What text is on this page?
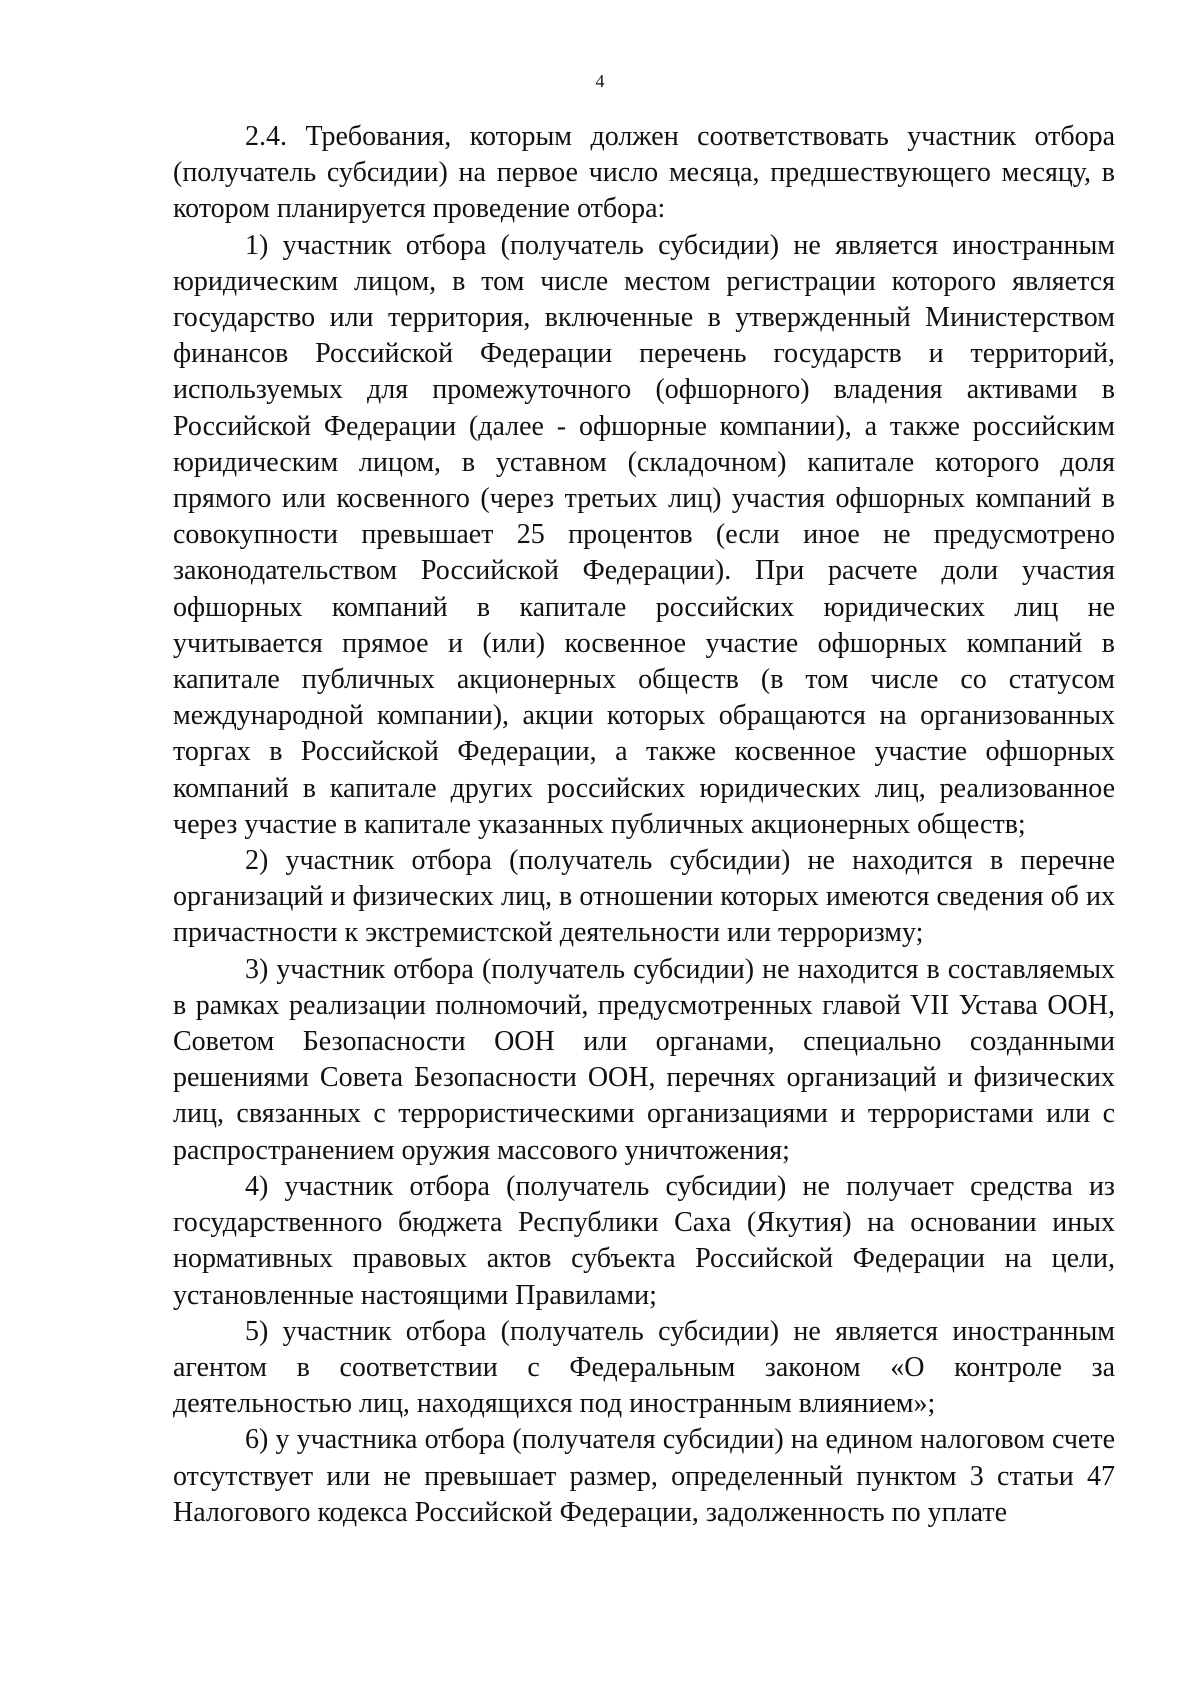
4

2.4. Требования, которым должен соответствовать участник отбора (получатель субсидии) на первое число месяца, предшествующего месяцу, в котором планируется проведение отбора:

1) участник отбора (получатель субсидии) не является иностранным юридическим лицом, в том числе местом регистрации которого является государство или территория, включенные в утвержденный Министерством финансов Российской Федерации перечень государств и территорий, используемых для промежуточного (офшорного) владения активами в Российской Федерации (далее - офшорные компании), а также российским юридическим лицом, в уставном (складочном) капитале которого доля прямого или косвенного (через третьих лиц) участия офшорных компаний в совокупности превышает 25 процентов (если иное не предусмотрено законодательством Российской Федерации). При расчете доли участия офшорных компаний в капитале российских юридических лиц не учитывается прямое и (или) косвенное участие офшорных компаний в капитале публичных акционерных обществ (в том числе со статусом международной компании), акции которых обращаются на организованных торгах в Российской Федерации, а также косвенное участие офшорных компаний в капитале других российских юридических лиц, реализованное через участие в капитале указанных публичных акционерных обществ;

2) участник отбора (получатель субсидии) не находится в перечне организаций и физических лиц, в отношении которых имеются сведения об их причастности к экстремистской деятельности или терроризму;

3) участник отбора (получатель субсидии) не находится в составляемых в рамках реализации полномочий, предусмотренных главой VII Устава ООН, Советом Безопасности ООН или органами, специально созданными решениями Совета Безопасности ООН, перечнях организаций и физических лиц, связанных с террористическими организациями и террористами или с распространением оружия массового уничтожения;

4) участник отбора (получатель субсидии) не получает средства из государственного бюджета Республики Саха (Якутия) на основании иных нормативных правовых актов субъекта Российской Федерации на цели, установленные настоящими Правилами;

5) участник отбора (получатель субсидии) не является иностранным агентом в соответствии с Федеральным законом «О контроле за деятельностью лиц, находящихся под иностранным влиянием»;

6) у участника отбора (получателя субсидии) на едином налоговом счете отсутствует или не превышает размер, определенный пунктом 3 статьи 47 Налогового кодекса Российской Федерации, задолженность по уплате
